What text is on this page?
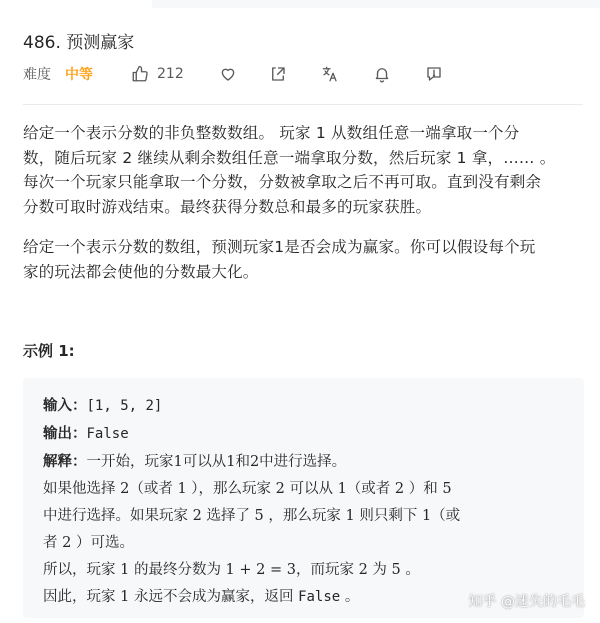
486. 预测赢家
难度 中等	212
给定一个表示分数的非负整数数组。 玩家 1 从数组任意一端拿取一个分
数，随后玩家 2 继续从剩余数组任意一端拿取分数，然后玩家 1 拿，…… 。
每次一个玩家只能拿取一个分数，分数被拿取之后不再可取。直到没有剩余
分数可取时游戏结束。最终获得分数总和最多的玩家获胜。
给定一个表示分数的数组，预测玩家1是否会成为赢家。你可以假设每个玩
家的玩法都会使他的分数最大化。
示例 1:
输入：[1, 5, 2]
输出：False
解释：一开始，玩家1可以从1和2中进行选择。
如果他选择 2（或者 1 ），那么玩家 2 可以从 1（或者 2 ）和 5
中进行选择。如果玩家 2 选择了 5 ，那么玩家 1 则只剩下 1（或
者 2 ）可选。
所以，玩家 1 的最终分数为 1 + 2 = 3，而玩家 2 为 5 。
因此，玩家 1 永远不会成为赢家，返回 False 。	知乎 @迷失的毛毛
